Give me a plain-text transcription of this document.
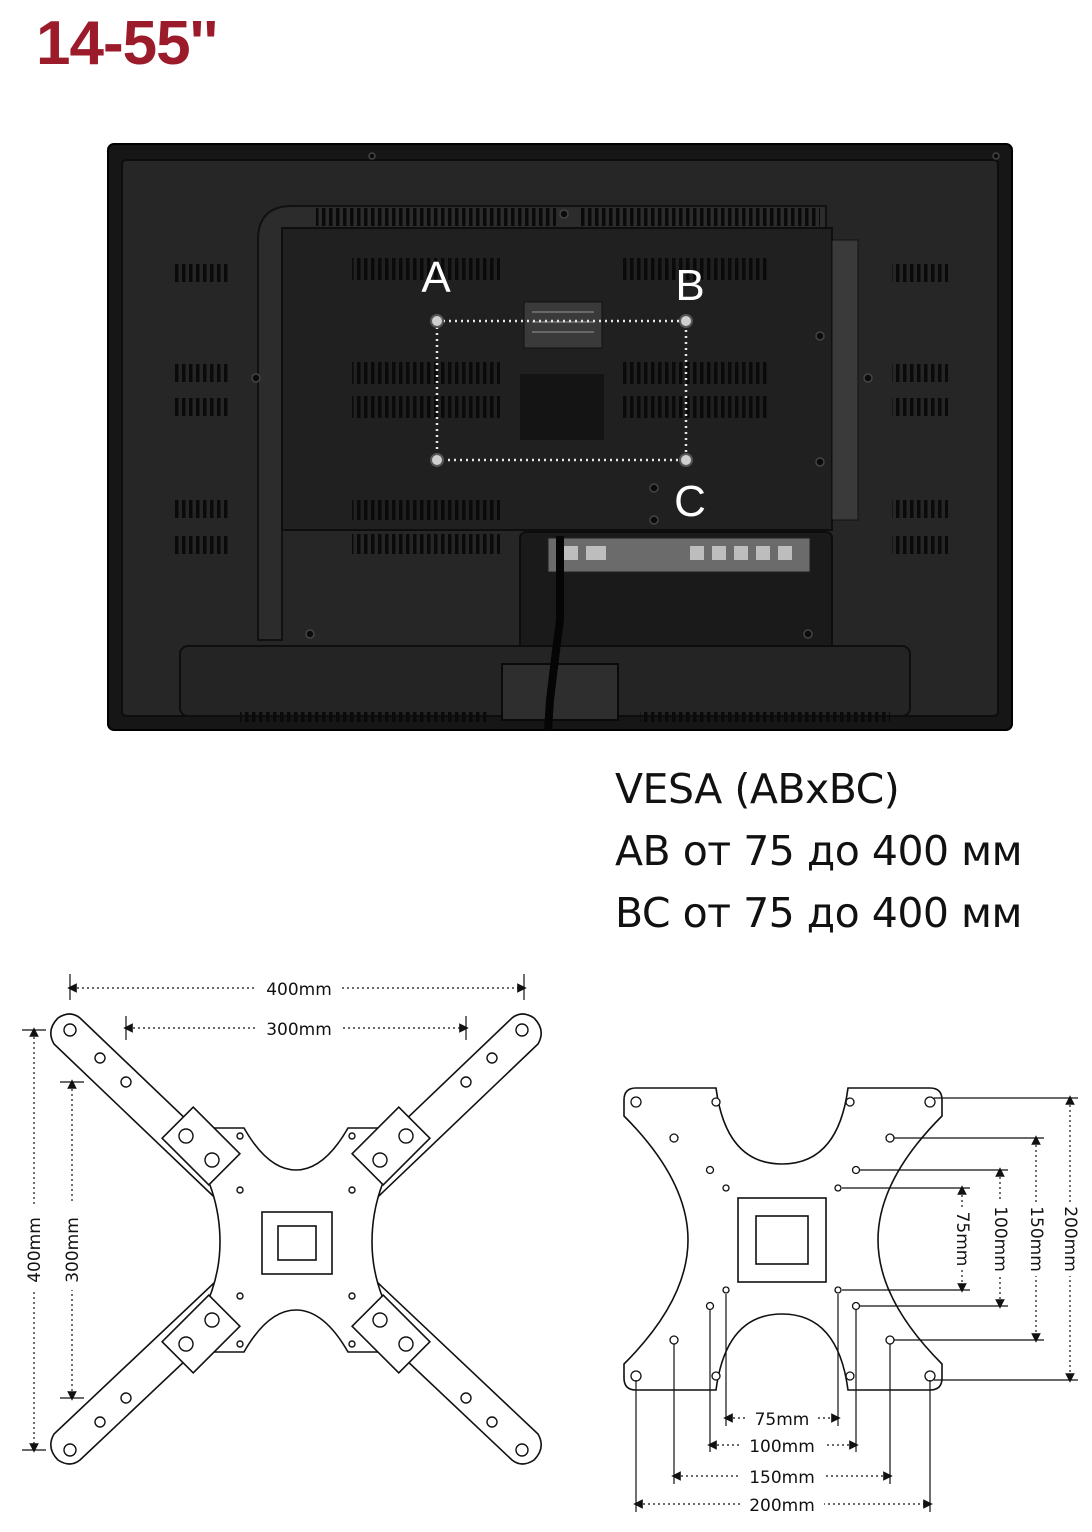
14-55''
A	B
C
VESA (ABxBC)
AB от 75 до 400 мм
BC от 75 до 400 мм
400mm
300mm
400mm 300mm
75mm
100mm
150mm
200mm
75mm 100mm 150mm 200mm
